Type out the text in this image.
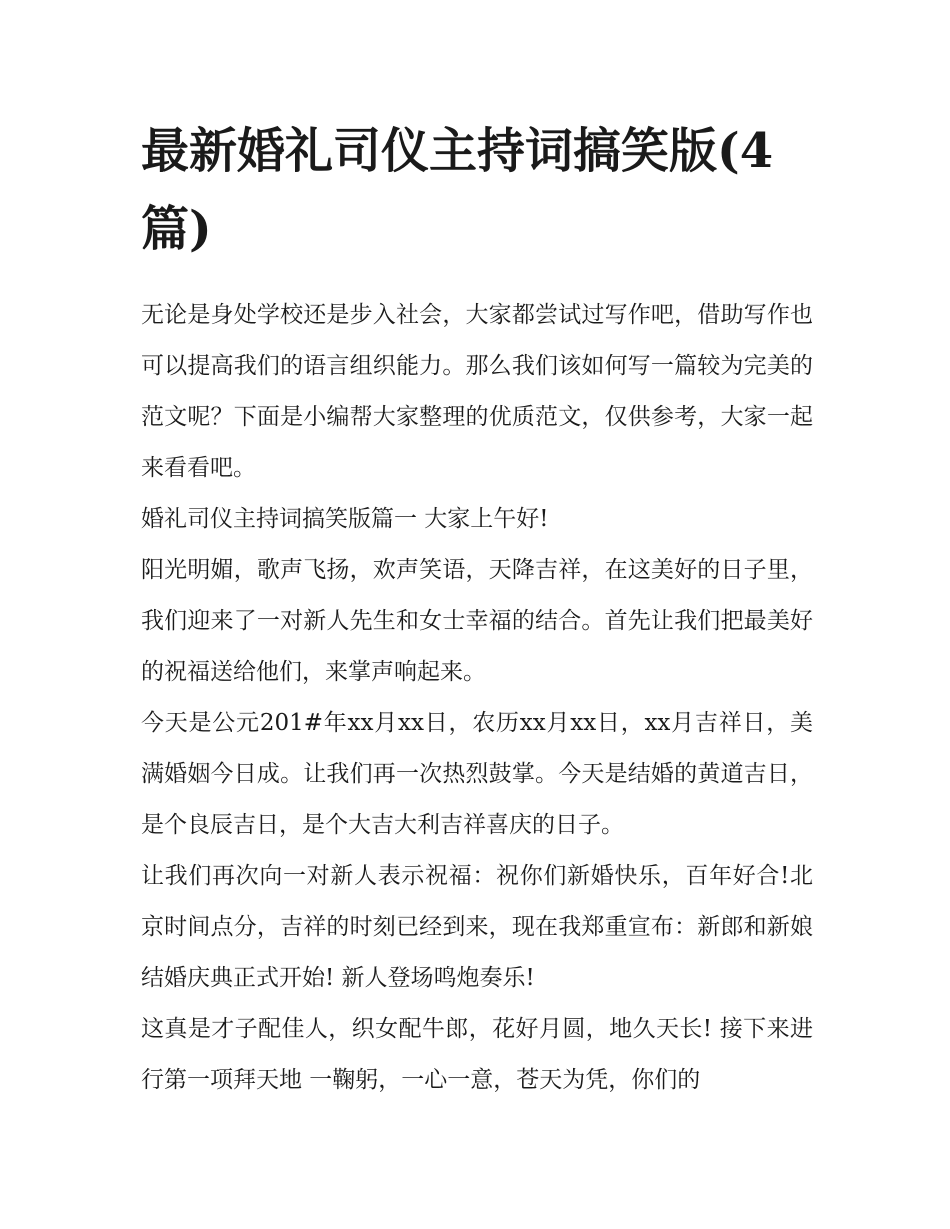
最新婚礼司仪主持词搞笑版(4篇)

无论是身处学校还是步入社会，大家都尝试过写作吧，借助写作也可以提高我们的语言组织能力。那么我们该如何写一篇较为完美的范文呢？下面是小编帮大家整理的优质范文，仅供参考，大家一起来看看吧。

婚礼司仪主持词搞笑版篇一 大家上午好!

阳光明媚，歌声飞扬，欢声笑语，天降吉祥，在这美好的日子里，我们迎来了一对新人先生和女士幸福的结合。首先让我们把最美好的祝福送给他们，来掌声响起来。

今天是公元201#年xx月xx日，农历xx月xx日，xx月吉祥日，美满婚姻今日成。让我们再一次热烈鼓掌。今天是结婚的黄道吉日，是个良辰吉日，是个大吉大利吉祥喜庆的日子。

让我们再次向一对新人表示祝福：祝你们新婚快乐，百年好合!北京时间点分，吉祥的时刻已经到来，现在我郑重宣布：新郎和新娘结婚庆典正式开始! 新人登场鸣炮奏乐!

这真是才子配佳人，织女配牛郎，花好月圆，地久天长! 接下来进行第一项拜天地 一鞠躬，一心一意，苍天为凭，你们的
